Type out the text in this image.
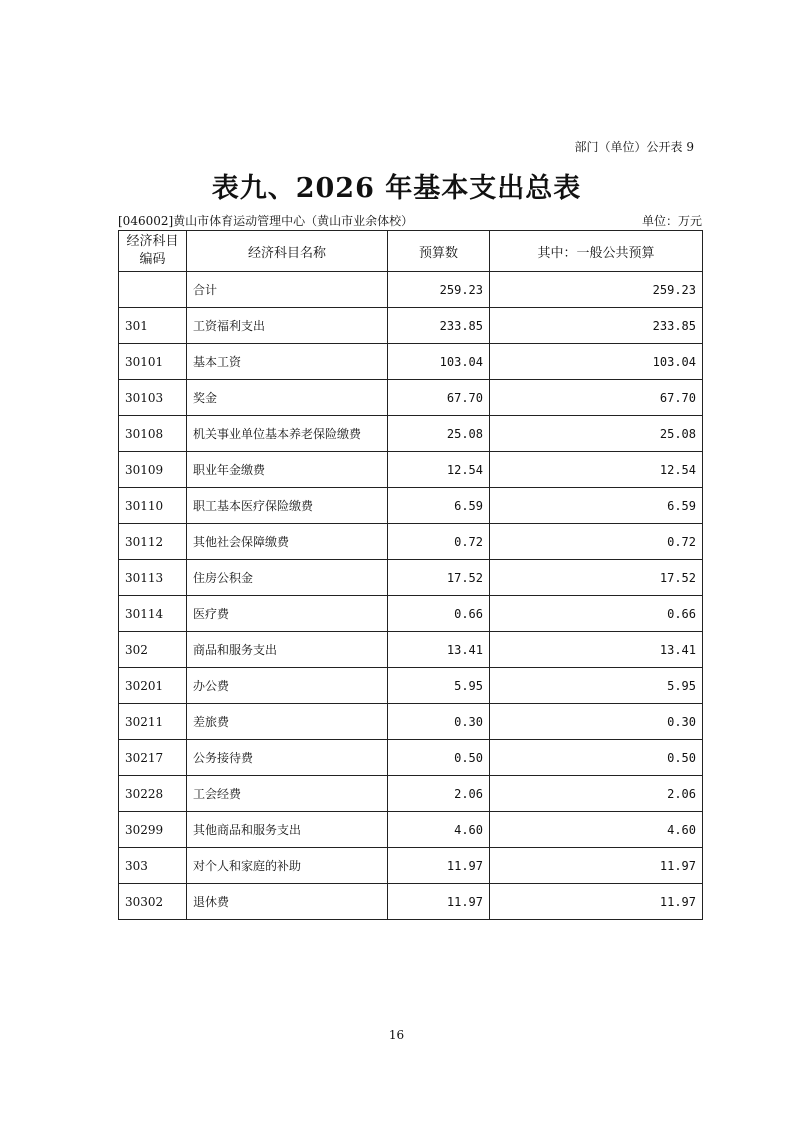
部门（单位）公开表 9
表九、2026 年基本支出总表
[046002]黄山市体育运动管理中心（黄山市业余体校）	单位：万元
经济科目编码	经济科目名称	预算数	其中：一般公共预算
	合计	259.23	259.23
301	工资福利支出	233.85	233.85
30101	基本工资	103.04	103.04
30103	奖金	67.70	67.70
30108	机关事业单位基本养老保险缴费	25.08	25.08
30109	职业年金缴费	12.54	12.54
30110	职工基本医疗保险缴费	6.59	6.59
30112	其他社会保障缴费	0.72	0.72
30113	住房公积金	17.52	17.52
30114	医疗费	0.66	0.66
302	商品和服务支出	13.41	13.41
30201	办公费	5.95	5.95
30211	差旅费	0.30	0.30
30217	公务接待费	0.50	0.50
30228	工会经费	2.06	2.06
30299	其他商品和服务支出	4.60	4.60
303	对个人和家庭的补助	11.97	11.97
30302	退休费	11.97	11.97
16
